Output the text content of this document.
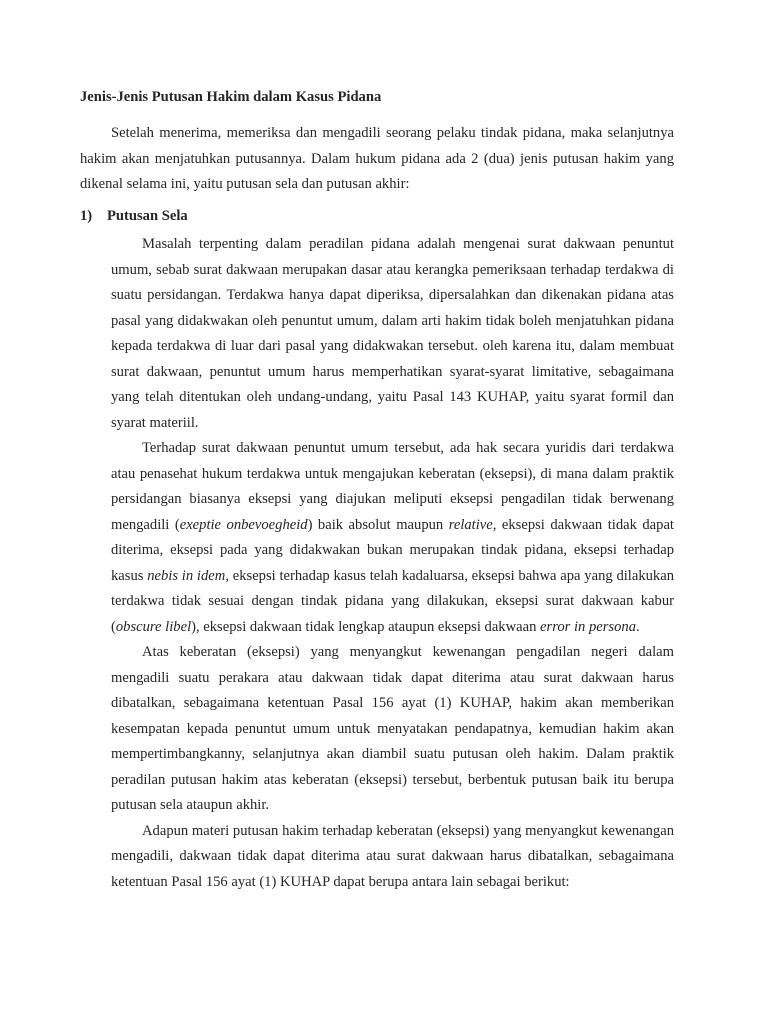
Jenis-Jenis Putusan Hakim dalam Kasus Pidana

Setelah menerima, memeriksa dan mengadili seorang pelaku tindak pidana, maka selanjutnya hakim akan menjatuhkan putusannya. Dalam hukum pidana ada 2 (dua) jenis putusan hakim yang dikenal selama ini, yaitu putusan sela dan putusan akhir:

1) Putusan Sela

Masalah terpenting dalam peradilan pidana adalah mengenai surat dakwaan penuntut umum, sebab surat dakwaan merupakan dasar atau kerangka pemeriksaan terhadap terdakwa di suatu persidangan. Terdakwa hanya dapat diperiksa, dipersalahkan dan dikenakan pidana atas pasal yang didakwakan oleh penuntut umum, dalam arti hakim tidak boleh menjatuhkan pidana kepada terdakwa di luar dari pasal yang didakwakan tersebut. oleh karena itu, dalam membuat surat dakwaan, penuntut umum harus memperhatikan syarat-syarat limitative, sebagaimana yang telah ditentukan oleh undang-undang, yaitu Pasal 143 KUHAP, yaitu syarat formil dan syarat materiil.

Terhadap surat dakwaan penuntut umum tersebut, ada hak secara yuridis dari terdakwa atau penasehat hukum terdakwa untuk mengajukan keberatan (eksepsi), di mana dalam praktik persidangan biasanya eksepsi yang diajukan meliputi eksepsi pengadilan tidak berwenang mengadili (exeptie onbevoegheid) baik absolut maupun relative, eksepsi dakwaan tidak dapat diterima, eksepsi pada yang didakwakan bukan merupakan tindak pidana, eksepsi terhadap kasus nebis in idem, eksepsi terhadap kasus telah kadaluarsa, eksepsi bahwa apa yang dilakukan terdakwa tidak sesuai dengan tindak pidana yang dilakukan, eksepsi surat dakwaan kabur (obscure libel), eksepsi dakwaan tidak lengkap ataupun eksepsi dakwaan error in persona.

Atas keberatan (eksepsi) yang menyangkut kewenangan pengadilan negeri dalam mengadili suatu perakara atau dakwaan tidak dapat diterima atau surat dakwaan harus dibatalkan, sebagaimana ketentuan Pasal 156 ayat (1) KUHAP, hakim akan memberikan kesempatan kepada penuntut umum untuk menyatakan pendapatnya, kemudian hakim akan mempertimbangkanny, selanjutnya akan diambil suatu putusan oleh hakim. Dalam praktik peradilan putusan hakim atas keberatan (eksepsi) tersebut, berbentuk putusan baik itu berupa putusan sela ataupun akhir.

Adapun materi putusan hakim terhadap keberatan (eksepsi) yang menyangkut kewenangan mengadili, dakwaan tidak dapat diterima atau surat dakwaan harus dibatalkan, sebagaimana ketentuan Pasal 156 ayat (1) KUHAP dapat berupa antara lain sebagai berikut:
